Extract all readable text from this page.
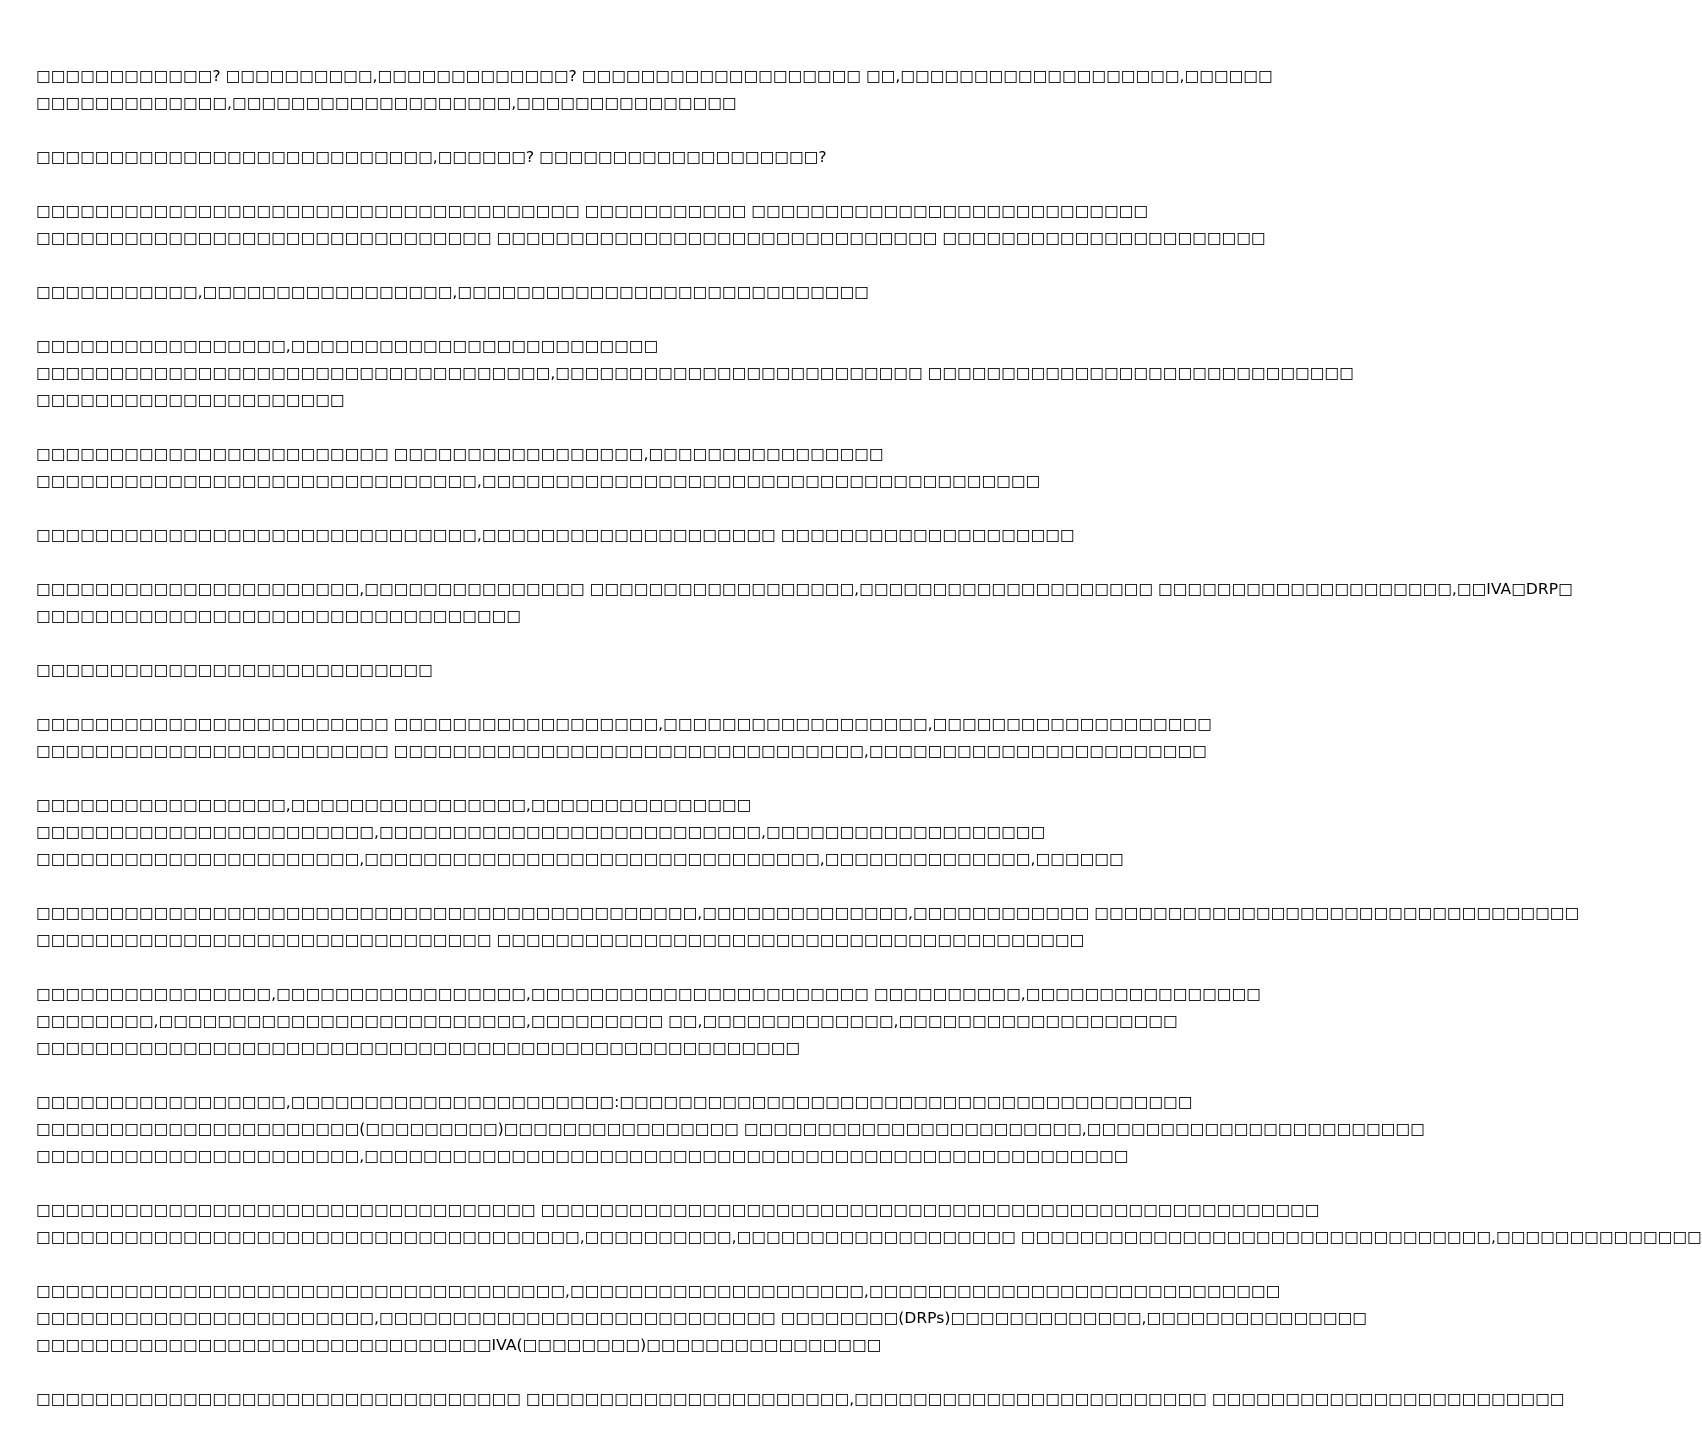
□□□□□□□□□□□□? □□□□□□□□□□,□□□□□□□□□□□□□? □□□□□□□□□□□□□□□□□□□ □□,□□□□□□□□□□□□□□□□□□□,□□□□□□
□□□□□□□□□□□□□,□□□□□□□□□□□□□□□□□□□,□□□□□□□□□□□□□□□

□□□□□□□□□□□□□□□□□□□□□□□□□□□,□□□□□□? □□□□□□□□□□□□□□□□□□□?

□□□□□□□□□□□□□□□□□□□□□□□□□□□□□□□□□□□□□ □□□□□□□□□□□ □□□□□□□□□□□□□□□□□□□□□□□□□□□
□□□□□□□□□□□□□□□□□□□□□□□□□□□□□□□ □□□□□□□□□□□□□□□□□□□□□□□□□□□□□□ □□□□□□□□□□□□□□□□□□□□□□

□□□□□□□□□□□,□□□□□□□□□□□□□□□□□,□□□□□□□□□□□□□□□□□□□□□□□□□□□□

□□□□□□□□□□□□□□□□□,□□□□□□□□□□□□□□□□□□□□□□□□□
□□□□□□□□□□□□□□□□□□□□□□□□□□□□□□□□□□□,□□□□□□□□□□□□□□□□□□□□□□□□□ □□□□□□□□□□□□□□□□□□□□□□□□□□□□□
□□□□□□□□□□□□□□□□□□□□□

□□□□□□□□□□□□□□□□□□□□□□□□ □□□□□□□□□□□□□□□□□,□□□□□□□□□□□□□□□□
□□□□□□□□□□□□□□□□□□□□□□□□□□□□□□,□□□□□□□□□□□□□□□□□□□□□□□□□□□□□□□□□□□□□□

□□□□□□□□□□□□□□□□□□□□□□□□□□□□□□,□□□□□□□□□□□□□□□□□□□□ □□□□□□□□□□□□□□□□□□□□

□□□□□□□□□□□□□□□□□□□□□□,□□□□□□□□□□□□□□□ □□□□□□□□□□□□□□□□□□,□□□□□□□□□□□□□□□□□□□□ □□□□□□□□□□□□□□□□□□□□,□□IVA□DRP□
□□□□□□□□□□□□□□□□□□□□□□□□□□□□□□□□□

□□□□□□□□□□□□□□□□□□□□□□□□□□□

□□□□□□□□□□□□□□□□□□□□□□□□ □□□□□□□□□□□□□□□□□□,□□□□□□□□□□□□□□□□□□,□□□□□□□□□□□□□□□□□□□
□□□□□□□□□□□□□□□□□□□□□□□□ □□□□□□□□□□□□□□□□□□□□□□□□□□□□□□□□,□□□□□□□□□□□□□□□□□□□□□□□

□□□□□□□□□□□□□□□□□,□□□□□□□□□□□□□□□□,□□□□□□□□□□□□□□□
□□□□□□□□□□□□□□□□□□□□□□□,□□□□□□□□□□□□□□□□□□□□□□□□□□,□□□□□□□□□□□□□□□□□□□
□□□□□□□□□□□□□□□□□□□□□□,□□□□□□□□□□□□□□□□□□□□□□□□□□□□□□□,□□□□□□□□□□□□□□,□□□□□□

□□□□□□□□□□□□□□□□□□□□□□□□□□□□□□□□□□□□□□□□□□□□□,□□□□□□□□□□□□□□,□□□□□□□□□□□□ □□□□□□□□□□□□□□□□□□□□□□□□□□□□□□□□□
□□□□□□□□□□□□□□□□□□□□□□□□□□□□□□□ □□□□□□□□□□□□□□□□□□□□□□□□□□□□□□□□□□□□□□□□

□□□□□□□□□□□□□□□□,□□□□□□□□□□□□□□□□□,□□□□□□□□□□□□□□□□□□□□□□□ □□□□□□□□□□,□□□□□□□□□□□□□□□□
□□□□□□□□,□□□□□□□□□□□□□□□□□□□□□□□□□,□□□□□□□□□ □□,□□□□□□□□□□□□□,□□□□□□□□□□□□□□□□□□□
□□□□□□□□□□□□□□□□□□□□□□□□□□□□□□□□□□□□□□□□□□□□□□□□□□□□

□□□□□□□□□□□□□□□□□,□□□□□□□□□□□□□□□□□□□□□□:□□□□□□□□□□□□□□□□□□□□□□□□□□□□□□□□□□□□□□□
□□□□□□□□□□□□□□□□□□□□□□(□□□□□□□□□)□□□□□□□□□□□□□□□□ □□□□□□□□□□□□□□□□□□□□□□□,□□□□□□□□□□□□□□□□□□□□□□□
□□□□□□□□□□□□□□□□□□□□□□,□□□□□□□□□□□□□□□□□□□□□□□□□□□□□□□□□□□□□□□□□□□□□□□□□□□□

□□□□□□□□□□□□□□□□□□□□□□□□□□□□□□□□□□ □□□□□□□□□□□□□□□□□□□□□□□□□□□□□□□□□□□□□□□□□□□□□□□□□□□□□
□□□□□□□□□□□□□□□□□□□□□□□□□□□□□□□□□□□□□,□□□□□□□□□□,□□□□□□□□□□□□□□□□□□□ □□□□□□□□□□□□□□□□□□□□□□□□□□□□□□□□,□□□□□□□□□□□□□□

□□□□□□□□□□□□□□□□□□□□□□□□□□□□□□□□□□□□,□□□□□□□□□□□□□□□□□□□□,□□□□□□□□□□□□□□□□□□□□□□□□□□□□
□□□□□□□□□□□□□□□□□□□□□□□,□□□□□□□□□□□□□□□□□□□□□□□□□□□ □□□□□□□□(DRPs)□□□□□□□□□□□□□,□□□□□□□□□□□□□□□
□□□□□□□□□□□□□□□□□□□□□□□□□□□□□□□IVA(□□□□□□□□)□□□□□□□□□□□□□□□□

□□□□□□□□□□□□□□□□□□□□□□□□□□□□□□□□□ □□□□□□□□□□□□□□□□□□□□□□,□□□□□□□□□□□□□□□□□□□□□□□□ □□□□□□□□□□□□□□□□□□□□□□□□
